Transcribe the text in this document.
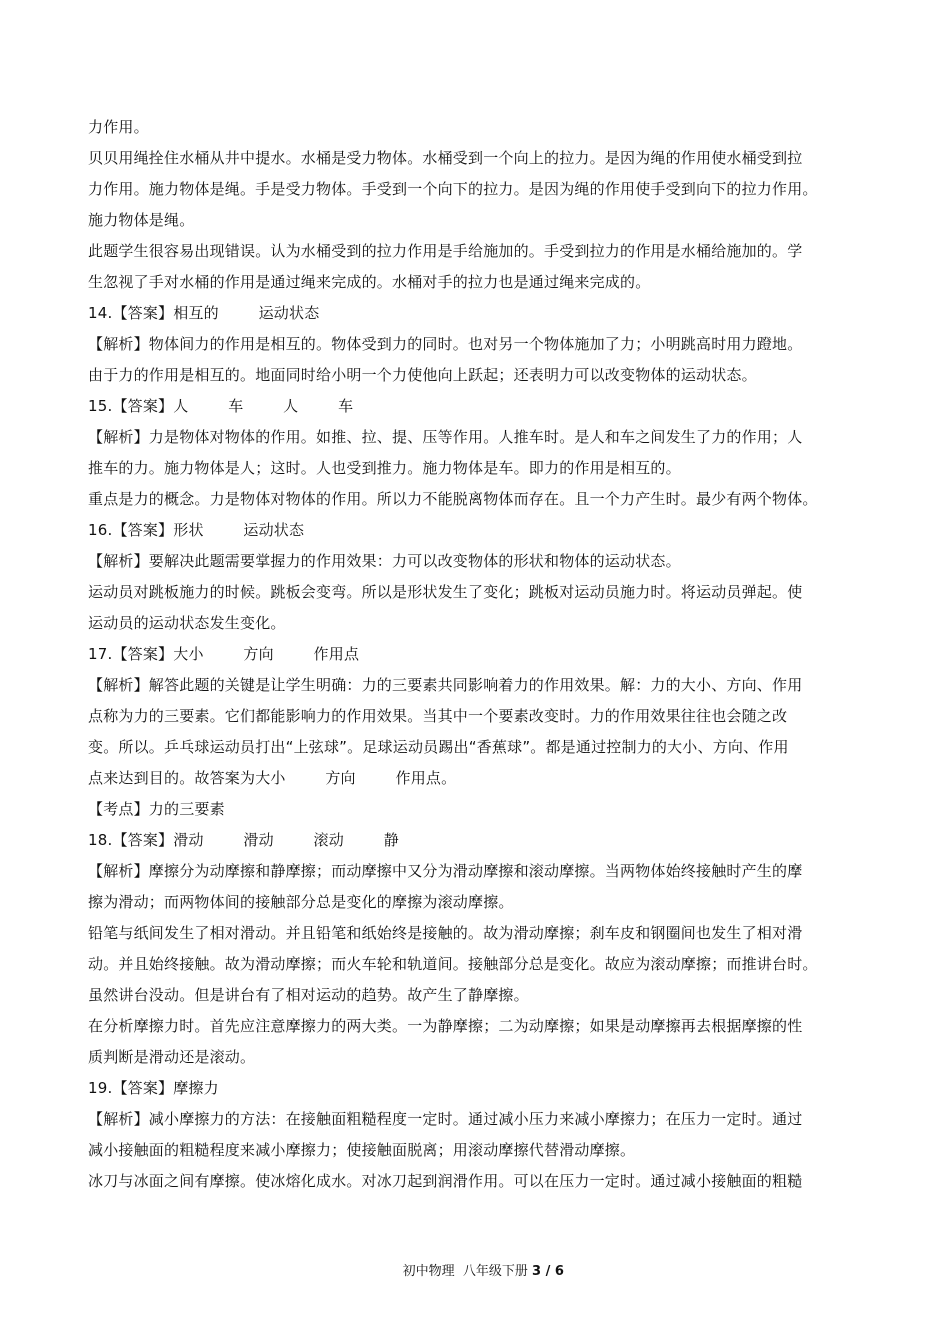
力作用。
贝贝用绳拴住水桶从井中提水。水桶是受力物体。水桶受到一个向上的拉力。是因为绳的作用使水桶受到拉
力作用。施力物体是绳。手是受力物体。手受到一个向下的拉力。是因为绳的作用使手受到向下的拉力作用。
施力物体是绳。
此题学生很容易出现错误。认为水桶受到的拉力作用是手给施加的。手受到拉力的作用是水桶给施加的。学
生忽视了手对水桶的作用是通过绳来完成的。水桶对手的拉力也是通过绳来完成的。
14.【答案】相互的        运动状态
【解析】物体间力的作用是相互的。物体受到力的同时。也对另一个物体施加了力；小明跳高时用力蹬地。
由于力的作用是相互的。地面同时给小明一个力使他向上跃起；还表明力可以改变物体的运动状态。
15.【答案】人        车        人        车
【解析】力是物体对物体的作用。如推、拉、提、压等作用。人推车时。是人和车之间发生了力的作用；人
推车的力。施力物体是人；这时。人也受到推力。施力物体是车。即力的作用是相互的。
重点是力的概念。力是物体对物体的作用。所以力不能脱离物体而存在。且一个力产生时。最少有两个物体。
16.【答案】形状        运动状态
【解析】要解决此题需要掌握力的作用效果：力可以改变物体的形状和物体的运动状态。
运动员对跳板施力的时候。跳板会变弯。所以是形状发生了变化；跳板对运动员施力时。将运动员弹起。使
运动员的运动状态发生变化。
17.【答案】大小        方向        作用点
【解析】解答此题的关键是让学生明确：力的三要素共同影响着力的作用效果。解：力的大小、方向、作用
点称为力的三要素。它们都能影响力的作用效果。当其中一个要素改变时。力的作用效果往往也会随之改
变。所以。乒乓球运动员打出“上弦球”。足球运动员踢出“香蕉球”。都是通过控制力的大小、方向、作用
点来达到目的。故答案为大小        方向        作用点。
【考点】力的三要素
18.【答案】滑动        滑动        滚动        静
【解析】摩擦分为动摩擦和静摩擦；而动摩擦中又分为滑动摩擦和滚动摩擦。当两物体始终接触时产生的摩
擦为滑动；而两物体间的接触部分总是变化的摩擦为滚动摩擦。
铅笔与纸间发生了相对滑动。并且铅笔和纸始终是接触的。故为滑动摩擦；刹车皮和钢圈间也发生了相对滑
动。并且始终接触。故为滑动摩擦；而火车轮和轨道间。接触部分总是变化。故应为滚动摩擦；而推讲台时。
虽然讲台没动。但是讲台有了相对运动的趋势。故产生了静摩擦。
在分析摩擦力时。首先应注意摩擦力的两大类。一为静摩擦；二为动摩擦；如果是动摩擦再去根据摩擦的性
质判断是滑动还是滚动。
19.【答案】摩擦力
【解析】减小摩擦力的方法：在接触面粗糙程度一定时。通过减小压力来减小摩擦力；在压力一定时。通过
减小接触面的粗糙程度来减小摩擦力；使接触面脱离；用滚动摩擦代替滑动摩擦。
冰刀与冰面之间有摩擦。使冰熔化成水。对冰刀起到润滑作用。可以在压力一定时。通过减小接触面的粗糙

初中物理  八年级下册 3 / 6
